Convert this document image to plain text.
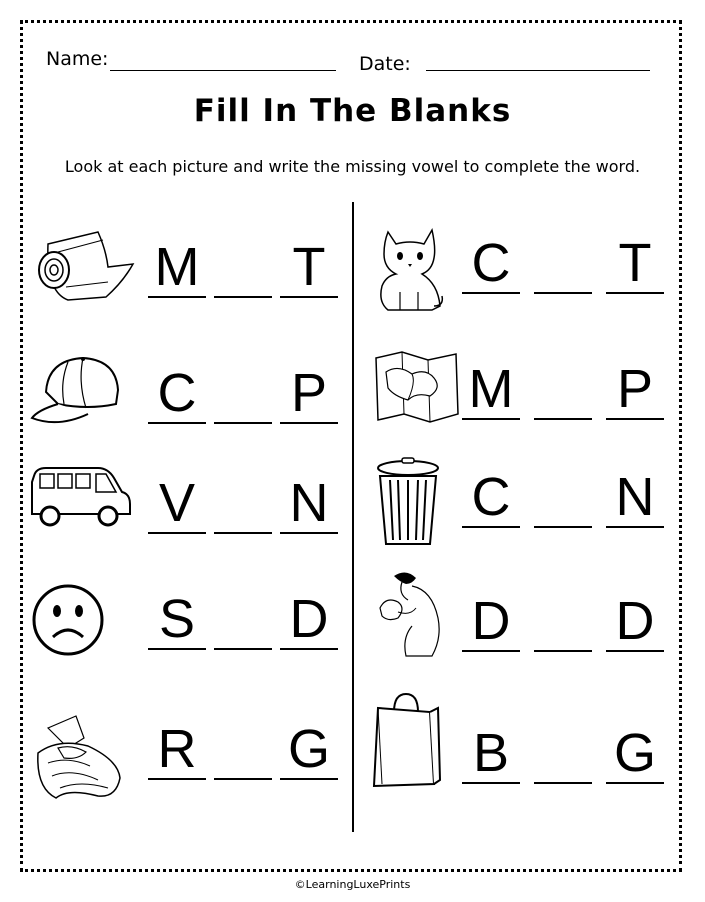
Name:	Date:
Fill In The Blanks
Look at each picture and write the missing vowel to complete the word.
M T
C P
V N
S D
R G
C T
M P
C N
D D
B G
©LearningLuxePrints
